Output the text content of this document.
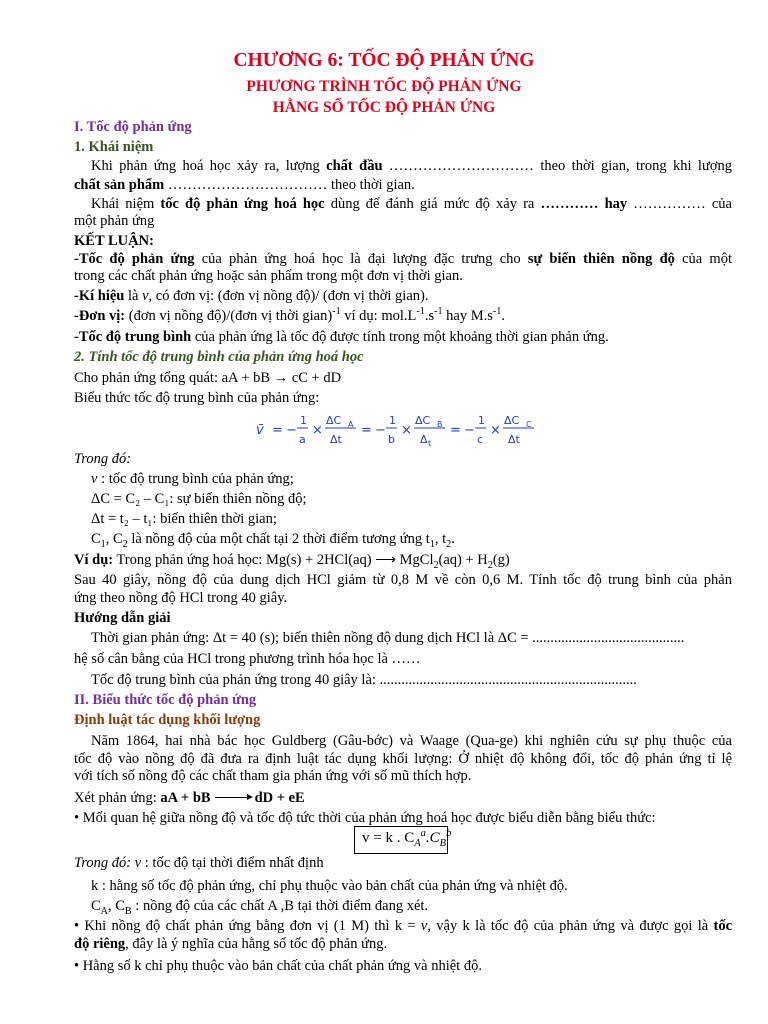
CHƯƠNG 6: TỐC ĐỘ PHẢN ỨNG
PHƯƠNG TRÌNH TỐC ĐỘ PHẢN ỨNG
HẰNG SỐ TỐC ĐỘ PHẢN ỨNG
I. Tốc độ phản ứng
1. Khái niệm
Khi phản ứng hoá học xảy ra, lượng chất đầu ………………………… theo thời gian, trong khi lượng
chất sản phẩm …………………………… theo thời gian.
Khái niệm tốc độ phản ứng hoá học dùng để đánh giá mức độ xảy ra ………… hay …………… của
một phản ứng
KẾT LUẬN:
-Tốc độ phản ứng của phản ứng hoá học là đại lượng đặc trưng cho sự biến thiên nồng độ của một
trong các chất phản ứng hoặc sản phẩm trong một đơn vị thời gian.
-Kí hiệu là v, có đơn vị: (đơn vị nồng độ)/ (đơn vị thời gian).
-Đơn vị: (đơn vị nồng độ)/(đơn vị thời gian)$^{-1}$ ví dụ: $mol.L^{-1}.s^{-1}$ hay $M.s^{-1}$.
-Tốc độ trung bình của phản ứng là tốc độ được tính trong một khoảng thời gian phản ứng.
2. Tính tốc độ trung bình của phản ứng hoá học
Cho phản ứng tổng quát: aA + bB → cC + dD
Biểu thức tốc độ trung bình của phản ứng:
v̄ = −
1
a
×
ΔC A
Δt
= −
1
b
×
ΔC B
Δ t
= −
1
c
×
ΔC C
Δt
Trong đó:
v : tốc độ trung bình của phản ứng;
ΔC = C₂ – C₁: sự biến thiên nồng độ;
Δt = t₂ – t₁: biến thiên thời gian;
$C_1$, $C_2$ là nồng độ của một chất tại 2 thời điểm tương ứng $t_1$, $t_2$.
Ví dụ: Trong phản ứng hoá học: Mg(s) + 2HCl(aq) ⟶ MgCl$_2$(aq) + $H_2(g)$
Sau 40 giây, nồng độ của dung dịch HCl giảm từ 0,8 M về còn 0,6 M. Tính tốc độ trung bình của phản
ứng theo nồng độ HCl trong 40 giây.
Hướng dẫn giải
Thời gian phản ứng: Δt = 40 (s); biến thiên nồng độ dung dịch HCl là ΔC = ..........................................
hệ số cân bằng của HCl trong phương trình hóa học là ……
Tốc độ trung bình của phản ứng trong 40 giây là: .......................................................................
II. Biểu thức tốc độ phản ứng
Định luật tác dụng khối lượng
Năm 1864, hai nhà bác học Guldberg (Gâu-bớc) và Waage (Qua-ge) khi nghiên cứu sự phụ thuộc của
tốc độ vào nồng độ đã đưa ra định luật tác dụng khối lượng: Ở nhiệt độ không đổi, tốc độ phản ứng tỉ lệ
với tích số nồng độ các chất tham gia phản ứng với số mũ thích hợp.
Xét phản ứng: aA + bB	dD + eE
• Mối quan hệ giữa nồng độ và tốc độ tức thời của phản ứng hoá học được biểu diễn bằng biểu thức:
v = k . $C_A^a.C_B^b$
Trong đó: v : tốc độ tại thời điểm nhất định
k : hằng số tốc độ phản ứng, chỉ phụ thuộc vào bản chất của phản ứng và nhiệt độ.
$C_A$, $C_B$ : nồng độ của các chất A ,B tại thời điểm đang xét.
• Khi nồng độ chất phản ứng bằng đơn vị (1 M) thì k = v, vậy k là tốc độ của phản ứng và được gọi là tốc
độ riêng, đây là ý nghĩa của hằng số tốc độ phản ứng.
• Hằng số k chỉ phụ thuộc vào bản chất của chất phản ứng và nhiệt độ.
